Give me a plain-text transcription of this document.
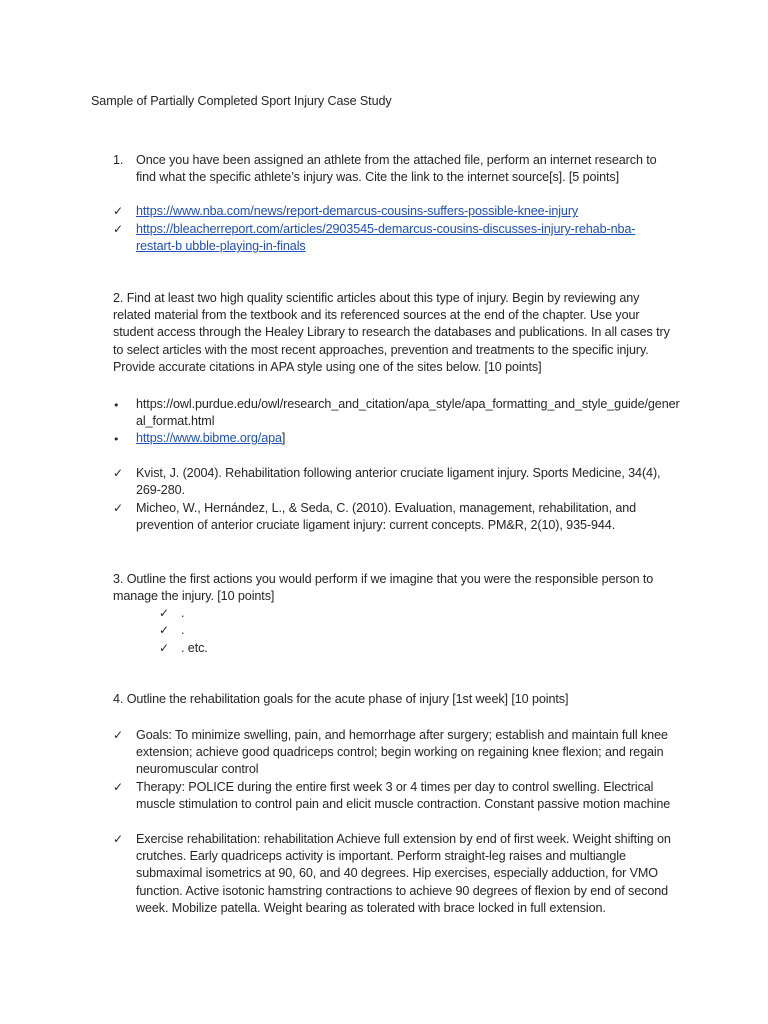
Sample of Partially Completed Sport Injury Case Study
1. Once you have been assigned an athlete from the attached file, perform an internet research to find what the specific athlete’s injury was. Cite the link to the internet source[s]. [5 points]
✓	https://www.nba.com/news/report-demarcus-cousins-suffers-possible-knee-injury
✓	https://bleacherreport.com/articles/2903545-demarcus-cousins-discusses-injury-rehab-nba-
restart-b ubble-playing-in-finals
2. Find at least two high quality scientific articles about this type of injury. Begin by reviewing any related material from the textbook and its referenced sources at the end of the chapter. Use your student access through the Healey Library to research the databases and publications. In all cases try to select articles with the most recent approaches, prevention and treatments to the specific injury. Provide accurate citations in APA style using one of the sites below. [10 points]
• https://owl.purdue.edu/owl/research_and_citation/apa_style/apa_formatting_and_style_guide/general_format.html
• https://www.bibme.org/apa]
✓	Kvist, J. (2004). Rehabilitation following anterior cruciate ligament injury. Sports Medicine, 34(4), 269-280.
✓	Micheo, W., Hernández, L., & Seda, C. (2010). Evaluation, management, rehabilitation, and prevention of anterior cruciate ligament injury: current concepts. PM&R, 2(10), 935-944.
3. Outline the first actions you would perform if we imagine that you were the responsible person to manage the injury. [10 points]
✓ .
✓ .
✓ . etc.
4. Outline the rehabilitation goals for the acute phase of injury [1st week] [10 points]
✓	Goals: To minimize swelling, pain, and hemorrhage after surgery; establish and maintain full knee extension; achieve good quadriceps control; begin working on regaining knee flexion; and regain neuromuscular control
✓	Therapy: POLICE during the entire first week 3 or 4 times per day to control swelling. Electrical muscle stimulation to control pain and elicit muscle contraction. Constant passive motion machine
✓	Exercise rehabilitation: rehabilitation Achieve full extension by end of first week. Weight shifting on crutches. Early quadriceps activity is important. Perform straight-leg raises and multiangle submaximal isometrics at 90, 60, and 40 degrees. Hip exercises, especially adduction, for VMO function. Active isotonic hamstring contractions to achieve 90 degrees of flexion by end of second week. Mobilize patella. Weight bearing as tolerated with brace locked in full extension.
